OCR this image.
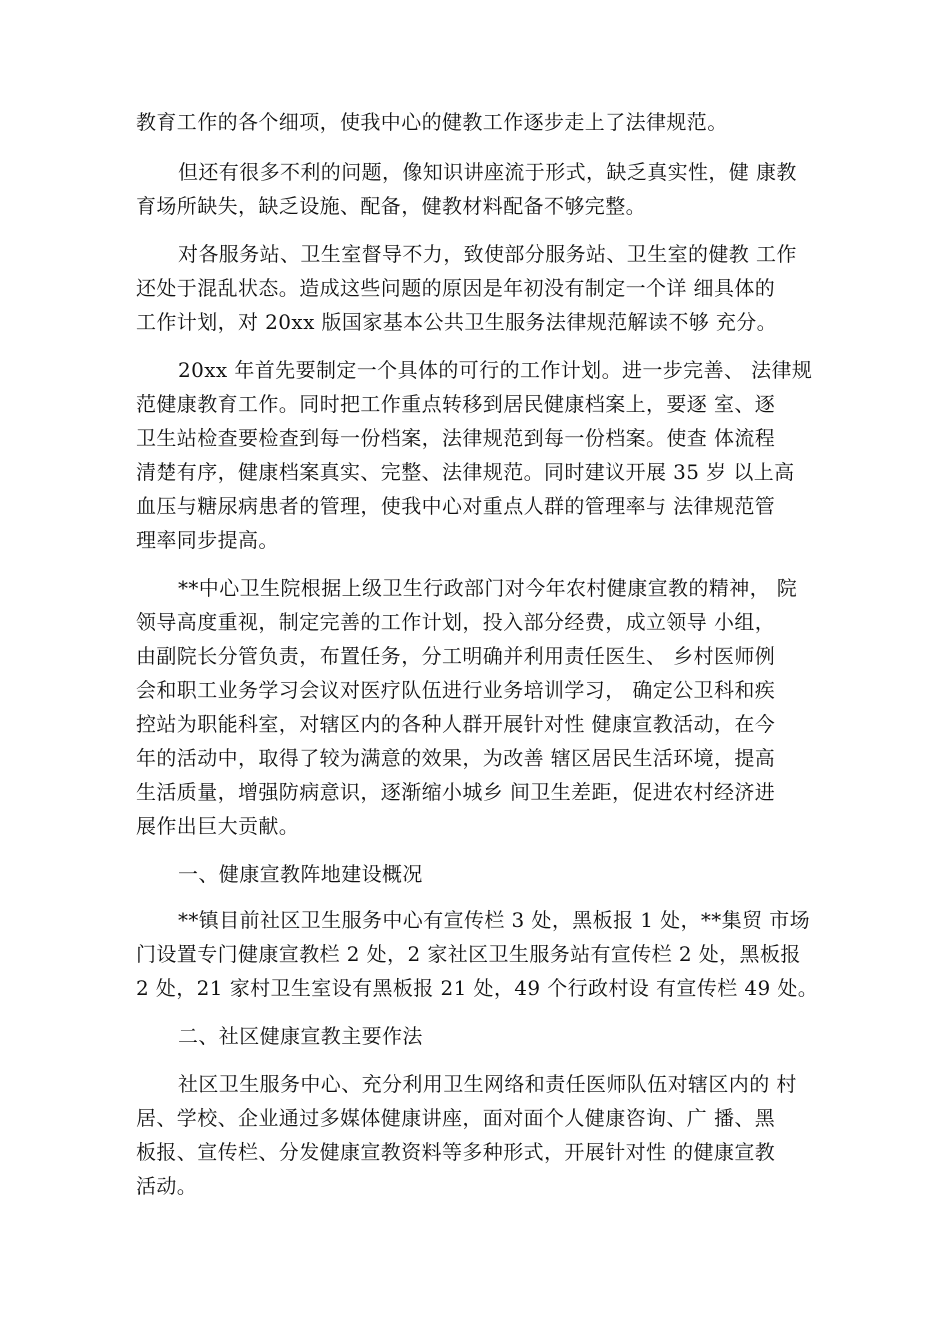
教育工作的各个细项，使我中心的健教工作逐步走上了法律规范。
但还有很多不利的问题，像知识讲座流于形式，缺乏真实性，健 康教
育场所缺失，缺乏设施、配备，健教材料配备不够完整。
对各服务站、卫生室督导不力，致使部分服务站、卫生室的健教 工作
还处于混乱状态。造成这些问题的原因是年初没有制定一个详 细具体的
工作计划，对 20xx 版国家基本公共卫生服务法律规范解读不够 充分。
20xx 年首先要制定一个具体的可行的工作计划。进一步完善、 法律规
范健康教育工作。同时把工作重点转移到居民健康档案上，要逐 室、逐
卫生站检查要检查到每一份档案，法律规范到每一份档案。使查 体流程
清楚有序，健康档案真实、完整、法律规范。同时建议开展 35 岁 以上高
血压与糖尿病患者的管理，使我中心对重点人群的管理率与 法律规范管
理率同步提高。
**中心卫生院根据上级卫生行政部门对今年农村健康宣教的精神， 院
领导高度重视，制定完善的工作计划，投入部分经费，成立领导 小组，
由副院长分管负责，布置任务，分工明确并利用责任医生、 乡村医师例
会和职工业务学习会议对医疗队伍进行业务培训学习， 确定公卫科和疾
控站为职能科室，对辖区内的各种人群开展针对性 健康宣教活动，在今
年的活动中，取得了较为满意的效果，为改善 辖区居民生活环境，提高
生活质量，增强防病意识，逐渐缩小城乡 间卫生差距，促进农村经济进
展作出巨大贡献。
一、健康宣教阵地建设概况
**镇目前社区卫生服务中心有宣传栏 3 处，黑板报 1 处，**集贸 市场
门设置专门健康宣教栏 2 处，2 家社区卫生服务站有宣传栏 2 处，黑板报
2 处，21 家村卫生室设有黑板报 21 处，49 个行政村设 有宣传栏 49 处。
二、社区健康宣教主要作法
社区卫生服务中心、充分利用卫生网络和责任医师队伍对辖区内的 村
居、学校、企业通过多媒体健康讲座，面对面个人健康咨询、广 播、黑
板报、宣传栏、分发健康宣教资料等多种形式，开展针对性 的健康宣教
活动。
